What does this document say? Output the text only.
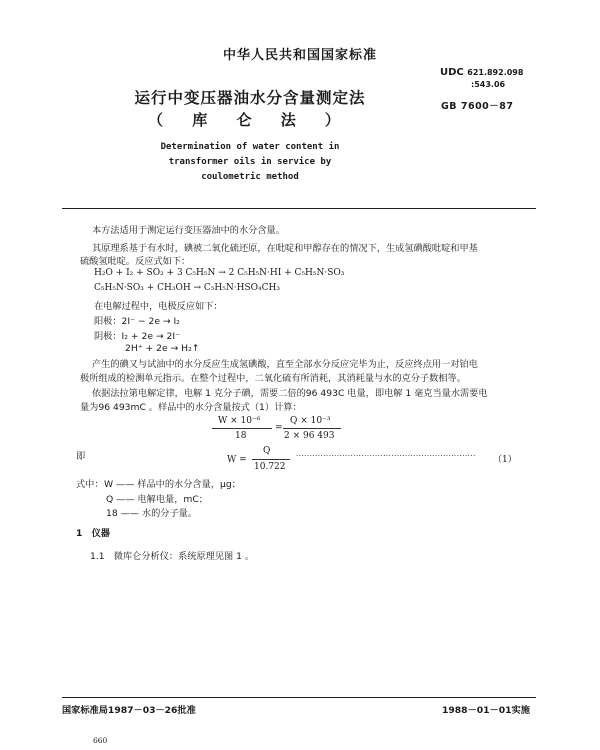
中华人民共和国国家标准
运行中变压器油水分含量测定法
（ 库 仑 法 ）
UDC 621.892.098
:543.06
GB 7600－87
Determination of water content in
transformer oils in service by
coulometric method
本方法适用于测定运行变压器油中的水分含量。
其原理系基于有水时，碘被二氧化硫还原，在吡啶和甲醇存在的情况下，生成氢碘酸吡啶和甲基
硫酸氢吡啶。反应式如下：
H₂O + I₂ + SO₂ + 3 C₅H₅N → 2 C₅H₅N·HI + C₅H₅N·SO₃
C₅H₅N·SO₃ + CH₃OH → C₅H₅N·HSO₄CH₃
在电解过程中，电极反应如下：
阳极：2I⁻ − 2e → I₂
阴极：I₂ + 2e → 2I⁻
2H⁺ + 2e → H₂↑
产生的碘又与试油中的水分反应生成氢碘酸，直至全部水分反应完毕为止，反应终点用一对铂电
极所组成的检测单元指示。在整个过程中，二氧化硫有所消耗，其消耗量与水的克分子数相等。
依据法拉第电解定律，电解 1 克分子碘，需要二倍的96 493C 电量，即电解 1 毫克当量水需要电
量为96 493mC 。样品中的水分含量按式（1）计算：
W × 10⁻⁶
18
=
Q × 10⁻³
2 × 96 493
即	W =
Q
10.722
·································································· （1）
式中： W —— 样品中的水分含量，μg；
Q —— 电解电量，mC；
18 —— 水的分子量。
1　仪器
1.1　微库仑分析仪：系统原理见图 1 。
国家标准局1987－03－26批准	1988－01－01实施
660
